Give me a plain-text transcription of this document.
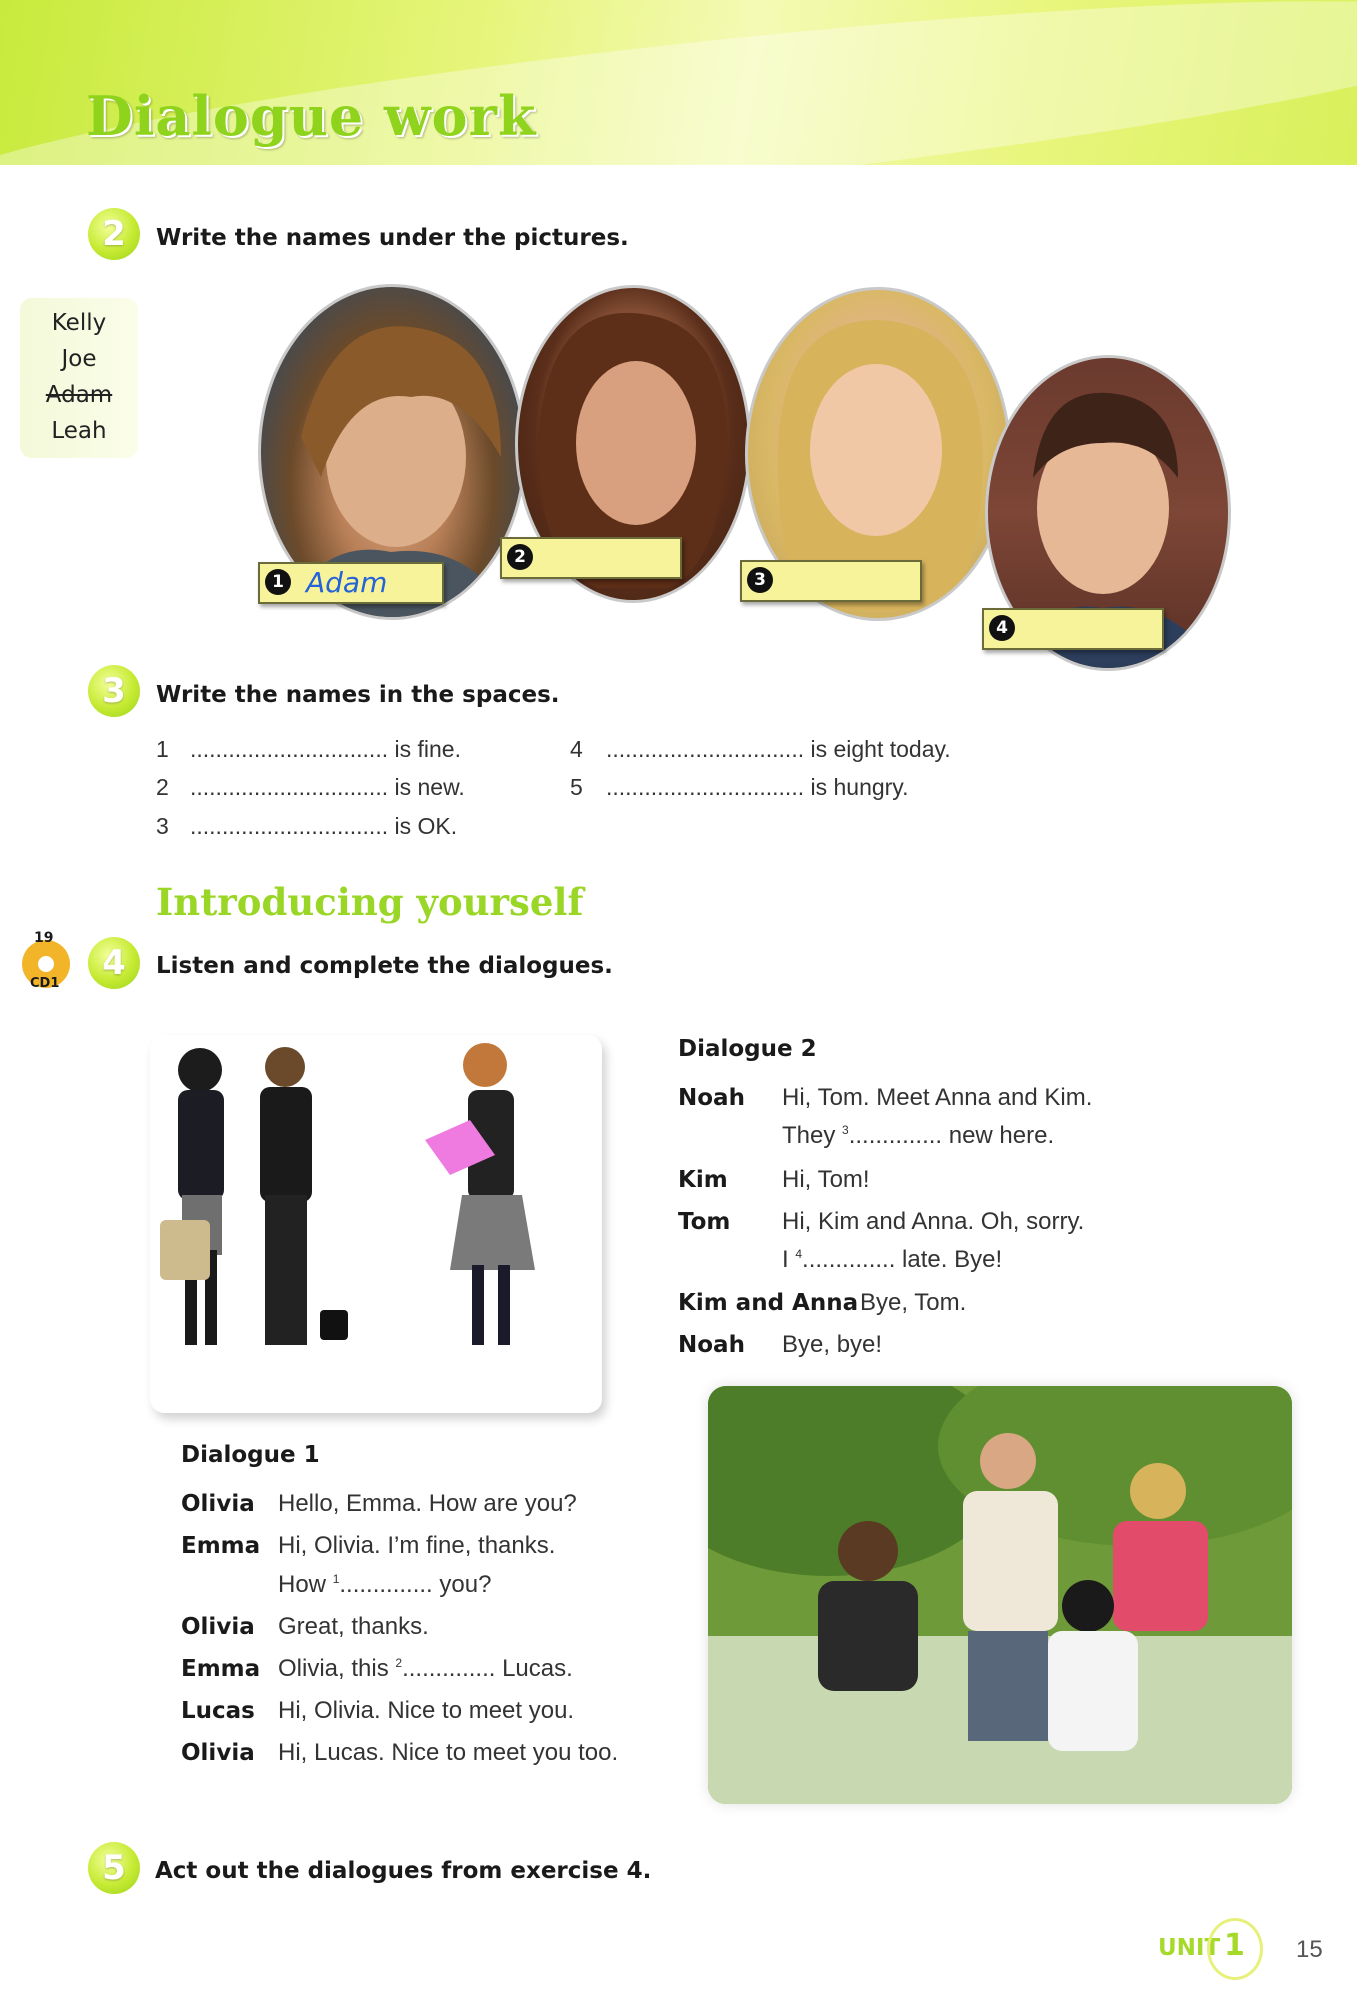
Dialogue work
2	Write the names under the pictures.
Kelly
Joe
Adam
Leah
1 Adam
2
3
4
3	Write the names in the spaces.
1 ............................... is fine.
2 ............................... is new.
3 ............................... is OK.
4 ............................... is eight today.
5 ............................... is hungry.
Introducing yourself
19
CD1
4	Listen and complete the dialogues.
Dialogue 1
Olivia Hello, Emma. How are you?
Emma Hi, Olivia. I’m fine, thanks.
How $^1$.............. you?
Olivia Great, thanks.
Emma Olivia, this $^2$.............. Lucas.
Lucas Hi, Olivia. Nice to meet you.
Olivia Hi, Lucas. Nice to meet you too.
Dialogue 2
Noah Hi, Tom. Meet Anna and Kim.
They $^3$.............. new here.
Kim Hi, Tom!
Tom Hi, Kim and Anna. Oh, sorry.
I $^4$.............. late. Bye!
Kim and Anna Bye, Tom.
Noah Bye, bye!
5	Act out the dialogues from exercise 4.
UNIT 1 15
